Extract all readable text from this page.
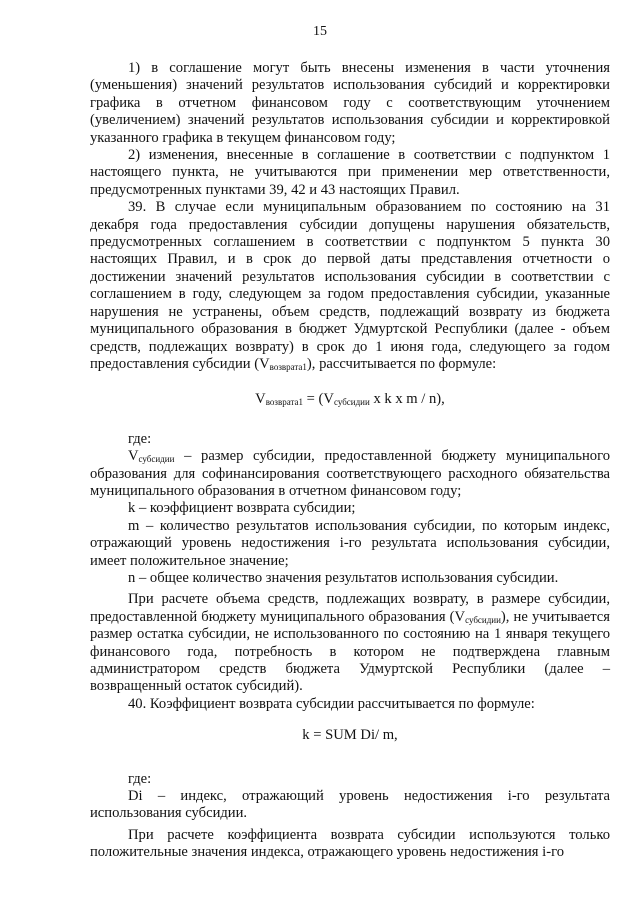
15

1) в соглашение могут быть внесены изменения в части уточнения (уменьшения) значений результатов использования субсидий и корректировки графика в отчетном финансовом году с соответствующим уточнением (увеличением) значений результатов использования субсидии и корректировкой указанного графика в текущем финансовом году;

2) изменения, внесенные в соглашение в соответствии с подпунктом 1 настоящего пункта, не учитываются при применении мер ответственности, предусмотренных пунктами 39, 42 и 43 настоящих Правил.

39. В случае если муниципальным образованием по состоянию на 31 декабря года предоставления субсидии допущены нарушения обязательств, предусмотренных соглашением в соответствии с подпунктом 5 пункта 30 настоящих Правил, и в срок до первой даты представления отчетности о достижении значений результатов использования субсидии в соответствии с соглашением в году, следующем за годом предоставления субсидии, указанные нарушения не устранены, объем средств, подлежащий возврату из бюджета муниципального образования в бюджет Удмуртской Республики (далее - объем средств, подлежащих возврату) в срок до 1 июня года, следующего за годом предоставления субсидии $(V_{возврата1})$, рассчитывается по формуле:

$V_{возврата1} = (V_{субсидии}$ x k x m / n),

где:

$V_{субсидии}$ – размер субсидии, предоставленной бюджету муниципального образования для софинансирования соответствующего расходного обязательства муниципального образования в отчетном финансовом году;

k – коэффициент возврата субсидии;

m – количество результатов использования субсидии, по которым индекс, отражающий уровень недостижения i-го результата использования субсидии, имеет положительное значение;

n – общее количество значения результатов использования субсидии.

При расчете объема средств, подлежащих возврату, в размере субсидии, предоставленной бюджету муниципального образования $(V_{субсидии})$, не учитывается размер остатка субсидии, не использованного по состоянию на 1 января текущего финансового года, потребность в котором не подтверждена главным администратором средств бюджета Удмуртской Республики (далее – возвращенный остаток субсидий).

40. Коэффициент возврата субсидии рассчитывается по формуле:

k = SUM Di/ m,

где:

Di – индекс, отражающий уровень недостижения i-го результата использования субсидии.

При расчете коэффициента возврата субсидии используются только положительные значения индекса, отражающего уровень недостижения i-го
